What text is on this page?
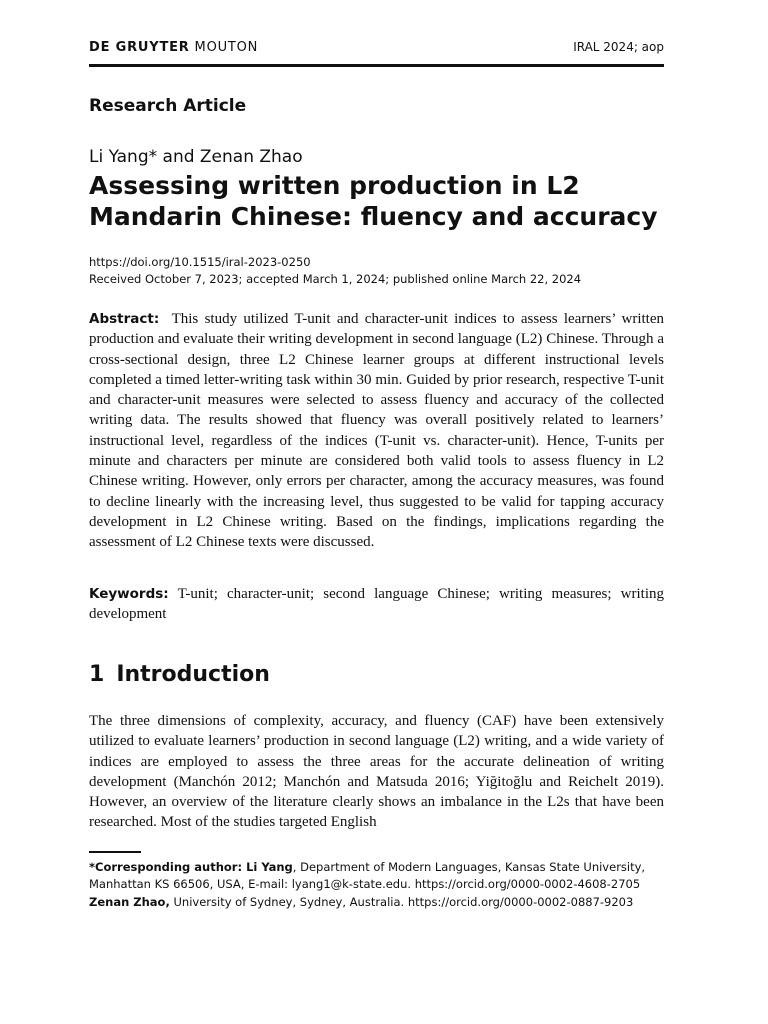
DE GRUYTER MOUTON	IRAL 2024; aop
Research Article
Li Yang* and Zenan Zhao
Assessing written production in L2 Mandarin Chinese: fluency and accuracy
https://doi.org/10.1515/iral-2023-0250
Received October 7, 2023; accepted March 1, 2024; published online March 22, 2024

Abstract: This study utilized T-unit and character-unit indices to assess learners’ written production and evaluate their writing development in second language (L2) Chinese. Through a cross-sectional design, three L2 Chinese learner groups at different instructional levels completed a timed letter-writing task within 30 min. Guided by prior research, respective T-unit and character-unit measures were selected to assess fluency and accuracy of the collected writing data. The results showed that fluency was overall positively related to learners’ instructional level, regardless of the indices (T-unit vs. character-unit). Hence, T-units per minute and characters per minute are considered both valid tools to assess fluency in L2 Chinese writing. However, only errors per character, among the accuracy measures, was found to decline linearly with the increasing level, thus suggested to be valid for tapping accuracy development in L2 Chinese writing. Based on the findings, implications regarding the assessment of L2 Chinese texts were discussed.

Keywords: T-unit; character-unit; second language Chinese; writing measures; writing development

1 Introduction

The three dimensions of complexity, accuracy, and fluency (CAF) have been extensively utilized to evaluate learners’ production in second language (L2) writing, and a wide variety of indices are employed to assess the three areas for the accurate delineation of writing development (Manchón 2012; Manchón and Matsuda 2016; Yiğitoğlu and Reichelt 2019). However, an overview of the literature clearly shows an imbalance in the L2s that have been researched. Most of the studies targeted English

*Corresponding author: Li Yang, Department of Modern Languages, Kansas State University,
Manhattan KS 66506, USA, E-mail: lyang1@k-state.edu. https://orcid.org/0000-0002-4608-2705
Zenan Zhao, University of Sydney, Sydney, Australia. https://orcid.org/0000-0002-0887-9203
